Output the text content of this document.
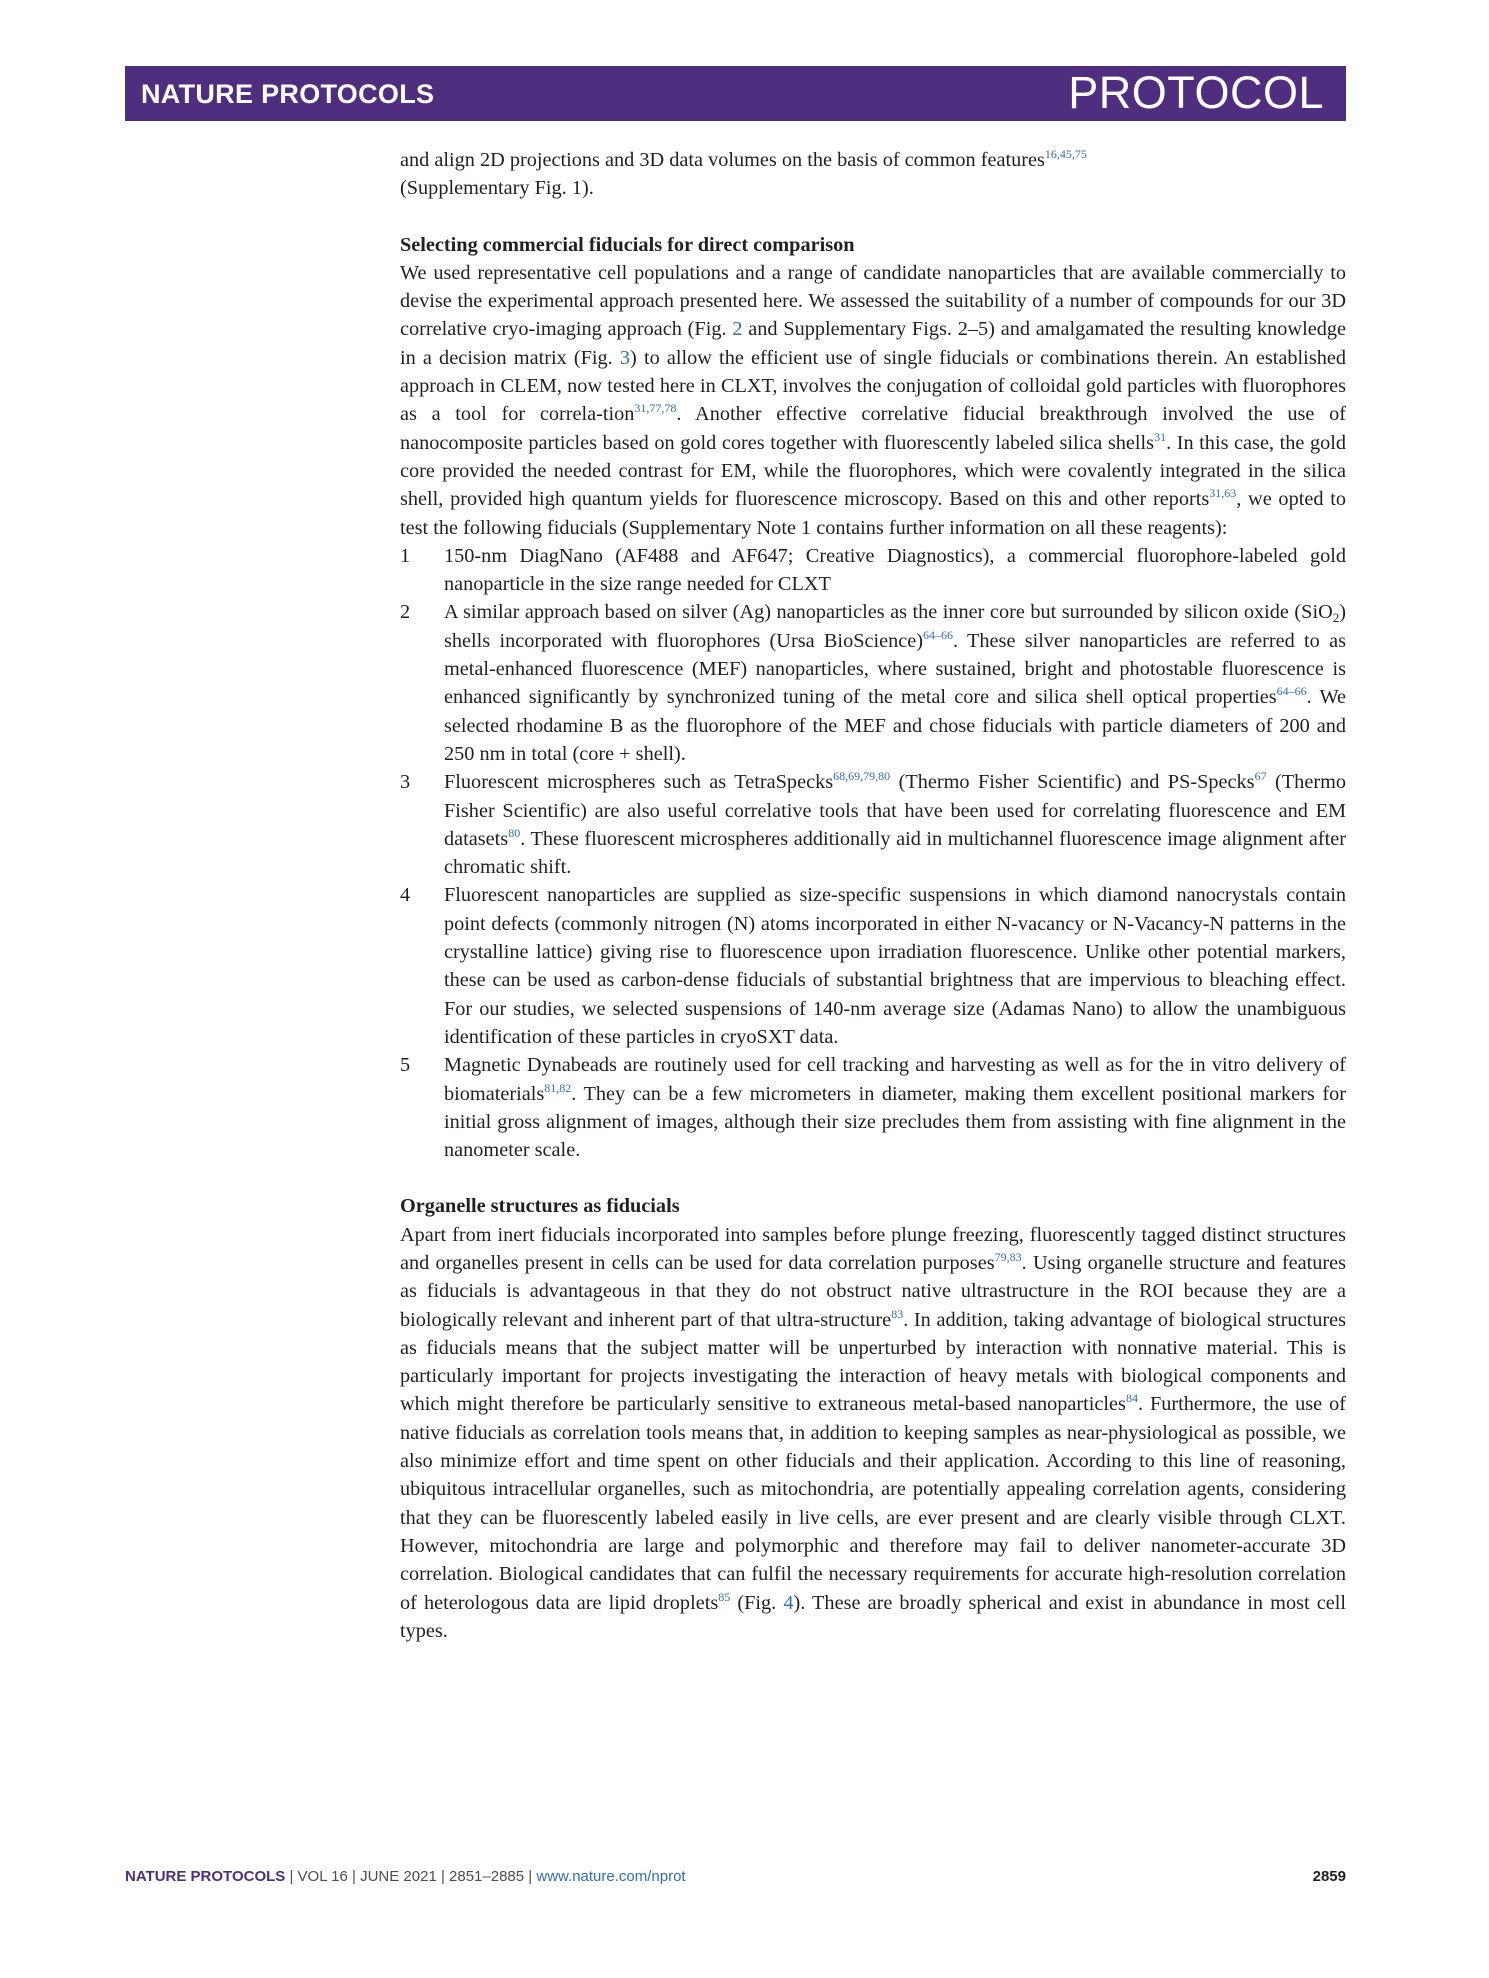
NATURE PROTOCOLS	PROTOCOL

and align 2D projections and 3D data volumes on the basis of common features$^{16,45,75}$
(Supplementary Fig. 1).

Selecting commercial fiducials for direct comparison

We used representative cell populations and a range of candidate nanoparticles that are available commercially to devise the experimental approach presented here. We assessed the suitability of a number of compounds for our 3D correlative cryo-imaging approach (Fig. 2 and Supplementary Figs. 2–5) and amalgamated the resulting knowledge in a decision matrix (Fig. 3) to allow the efficient use of single fiducials or combinations therein. An established approach in CLEM, now tested here in CLXT, involves the conjugation of colloidal gold particles with fluorophores as a tool for correla-tion$^{31,77,78}$. Another effective correlative fiducial breakthrough involved the use of nanocomposite particles based on gold cores together with fluorescently labeled silica shells$^{31}$. In this case, the gold core provided the needed contrast for EM, while the fluorophores, which were covalently integrated in the silica shell, provided high quantum yields for fluorescence microscopy. Based on this and other reports$^{31,63}$, we opted to test the following fiducials (Supplementary Note 1 contains further information on all these reagents):

1 150-nm DiagNano (AF488 and AF647; Creative Diagnostics), a commercial fluorophore-labeled gold nanoparticle in the size range needed for CLXT
2 A similar approach based on silver (Ag) nanoparticles as the inner core but surrounded by silicon oxide (SiO$_2$) shells incorporated with fluorophores (Ursa BioScience)$^{64-66}$. These silver nanoparticles are referred to as metal-enhanced fluorescence (MEF) nanoparticles, where sustained, bright and photostable fluorescence is enhanced significantly by synchronized tuning of the metal core and silica shell optical properties$^{64-66}$. We selected rhodamine B as the fluorophore of the MEF and chose fiducials with particle diameters of 200 and 250 nm in total (core + shell).
3 Fluorescent microspheres such as TetraSpecks$^{68,69,79,80}$ (Thermo Fisher Scientific) and PS-Specks$^{67}$ (Thermo Fisher Scientific) are also useful correlative tools that have been used for correlating fluorescence and EM datasets$^{80}$. These fluorescent microspheres additionally aid in multichannel fluorescence image alignment after chromatic shift.
4 Fluorescent nanoparticles are supplied as size-specific suspensions in which diamond nanocrystals contain point defects (commonly nitrogen (N) atoms incorporated in either N-vacancy or N-Vacancy-N patterns in the crystalline lattice) giving rise to fluorescence upon irradiation fluorescence. Unlike other potential markers, these can be used as carbon-dense fiducials of substantial brightness that are impervious to bleaching effect. For our studies, we selected suspensions of 140-nm average size (Adamas Nano) to allow the unambiguous identification of these particles in cryoSXT data.
5 Magnetic Dynabeads are routinely used for cell tracking and harvesting as well as for the in vitro delivery of biomaterials$^{81,82}$. They can be a few micrometers in diameter, making them excellent positional markers for initial gross alignment of images, although their size precludes them from assisting with fine alignment in the nanometer scale.
Organelle structures as fiducials

Apart from inert fiducials incorporated into samples before plunge freezing, fluorescently tagged distinct structures and organelles present in cells can be used for data correlation purposes$^{79,83}$. Using organelle structure and features as fiducials is advantageous in that they do not obstruct native ultrastructure in the ROI because they are a biologically relevant and inherent part of that ultra-structure$^{83}$. In addition, taking advantage of biological structures as fiducials means that the subject matter will be unperturbed by interaction with nonnative material. This is particularly important for projects investigating the interaction of heavy metals with biological components and which might therefore be particularly sensitive to extraneous metal-based nanoparticles$^{84}$. Furthermore, the use of native fiducials as correlation tools means that, in addition to keeping samples as near-physiological as possible, we also minimize effort and time spent on other fiducials and their application. According to this line of reasoning, ubiquitous intracellular organelles, such as mitochondria, are potentially appealing correlation agents, considering that they can be fluorescently labeled easily in live cells, are ever present and are clearly visible through CLXT. However, mitochondria are large and polymorphic and therefore may fail to deliver nanometer-accurate 3D correlation. Biological candidates that can fulfil the necessary requirements for accurate high-resolution correlation of heterologous data are lipid droplets$^{85}$ (Fig. 4). These are broadly spherical and exist in abundance in most cell types.

NATURE PROTOCOLS | VOL 16 | JUNE 2021 | 2851–2885 | www.nature.com/nprot	2859
